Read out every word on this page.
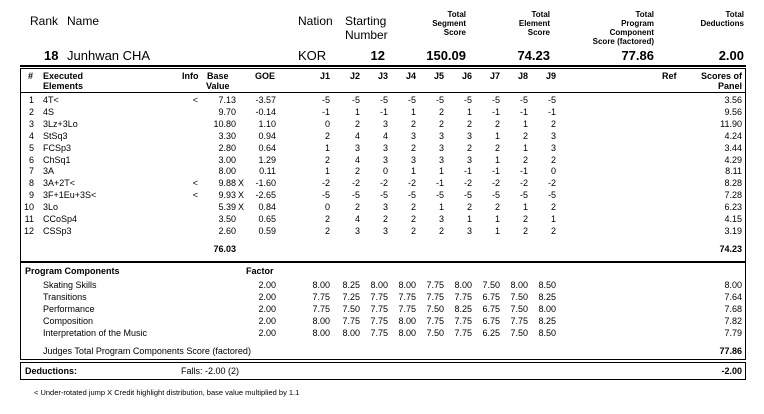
Rank Name	Nation Starting
Number
Total
Segment
Score
Total
Element
Score
Total
Program
Component
Score (factored)
Total
Deductions
18 Junhwan CHA	KOR	12	150.09	74.23	77.86	2.00
# Executed
Elements
Info Base
Value
GOE	J1	J2	J3	J4	J5	J6	J7	J8	J9	Ref	Scores of
Panel
1 4T<	<	7.13	-3.57	-5	-5	-5	-5	-5	-5	-5	-5	-5	3.56
2 4S	9.70	-0.14	-1	1	-1	1	2	1	-1	-1	-1	9.56
3 3Lz+3Lo	10.80	1.10	0	2	3	2	2	2	2	1	2	11.90
4 StSq3	3.30	0.94	2	4	4	3	3	3	1	2	3	4.24
5 FCSp3	2.80	0.64	1	3	3	2	3	2	2	1	3	3.44
6 ChSq1	3.00	1.29	2	4	3	3	3	3	1	2	2	4.29
7 3A	8.00	0.11	1	2	0	1	1	-1	-1	-1	0	8.11
8 3A+2T<	<	9.88 X	-1.60	-2	-2	-2	-2	-1	-2	-2	-2	-2	8.28
9 3F+1Eu+3S<	<	9.93 X	-2.65	-5	-5	-5	-5	-5	-5	-5	-5	-5	7.28
10 3Lo	5.39 X	0.84	0	2	3	2	1	2	2	1	2	6.23
11 CCoSp4	3.50	0.65	2	4	2	2	3	1	1	2	1	4.15
12 CSSp3	2.60	0.59	2	3	3	2	2	3	1	2	2	3.19
76.03	74.23
Program Components	Factor
Skating Skills	2.00	8.00	8.25	8.00	8.00	7.75	8.00	7.50	8.00	8.50	8.00
Transitions	2.00	7.75	7.25	7.75	7.75	7.75	7.75	6.75	7.50	8.25	7.64
Performance	2.00	7.75	7.50	7.75	7.75	7.50	8.25	6.75	7.50	8.00	7.68
Composition	2.00	8.00	7.75	7.75	8.00	7.75	7.75	6.75	7.75	8.25	7.82
Interpretation of the Music	2.00	8.00	8.00	7.75	8.00	7.50	7.75	6.25	7.50	8.50	7.79
Judges Total Program Components Score (factored)	77.86
Deductions:	Falls: -2.00 (2)	-2.00
< Under-rotated jump X Credit highlight distribution, base value multiplied by 1.1
